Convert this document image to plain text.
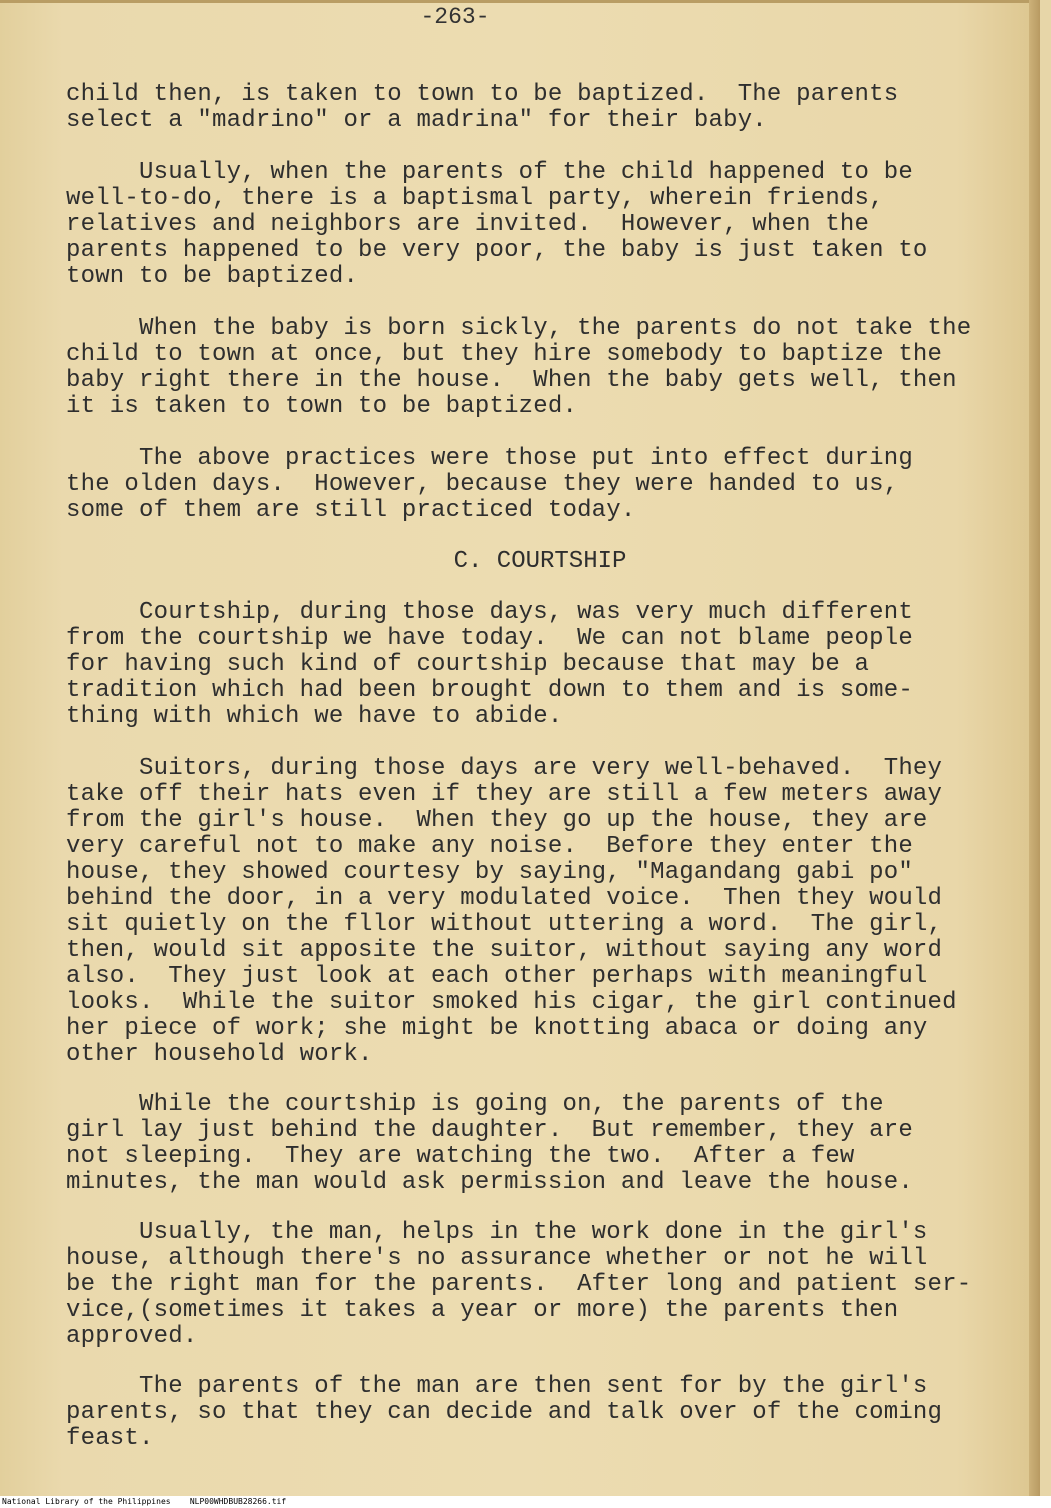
-263-

child then, is taken to town to be baptized.  The parents
select a "madrino" or a madrina" for their baby.

Usually, when the parents of the child happened to be
well-to-do, there is a baptismal party, wherein friends,
relatives and neighbors are invited.  However, when the
parents happened to be very poor, the baby is just taken to
town to be baptized.

When the baby is born sickly, the parents do not take the
child to town at once, but they hire somebody to baptize the
baby right there in the house.  When the baby gets well, then
it is taken to town to be baptized.

The above practices were those put into effect during
the olden days.  However, because they were handed to us,
some of them are still practiced today.

C. COURTSHIP

Courtship, during those days, was very much different
from the courtship we have today.  We can not blame people
for having such kind of courtship because that may be a
tradition which had been brought down to them and is some-
thing with which we have to abide.

Suitors, during those days are very well-behaved.  They
take off their hats even if they are still a few meters away
from the girl's house.  When they go up the house, they are
very careful not to make any noise.  Before they enter the
house, they showed courtesy by saying, "Magandang gabi po"
behind the door, in a very modulated voice.  Then they would
sit quietly on the fllor without uttering a word.  The girl,
then, would sit apposite the suitor, without saying any word
also.  They just look at each other perhaps with meaningful
looks.  While the suitor smoked his cigar, the girl continued
her piece of work; she might be knotting abaca or doing any
other household work.

While the courtship is going on, the parents of the
girl lay just behind the daughter.  But remember, they are
not sleeping.  They are watching the two.  After a few
minutes, the man would ask permission and leave the house.

Usually, the man, helps in the work done in the girl's
house, although there's no assurance whether or not he will
be the right man for the parents.  After long and patient ser-
vice,(sometimes it takes a year or more) the parents then
approved.

The parents of the man are then sent for by the girl's
parents, so that they can decide and talk over of the coming
feast.

National Library of the Philippines NLP00WHDBUB28266.tif
